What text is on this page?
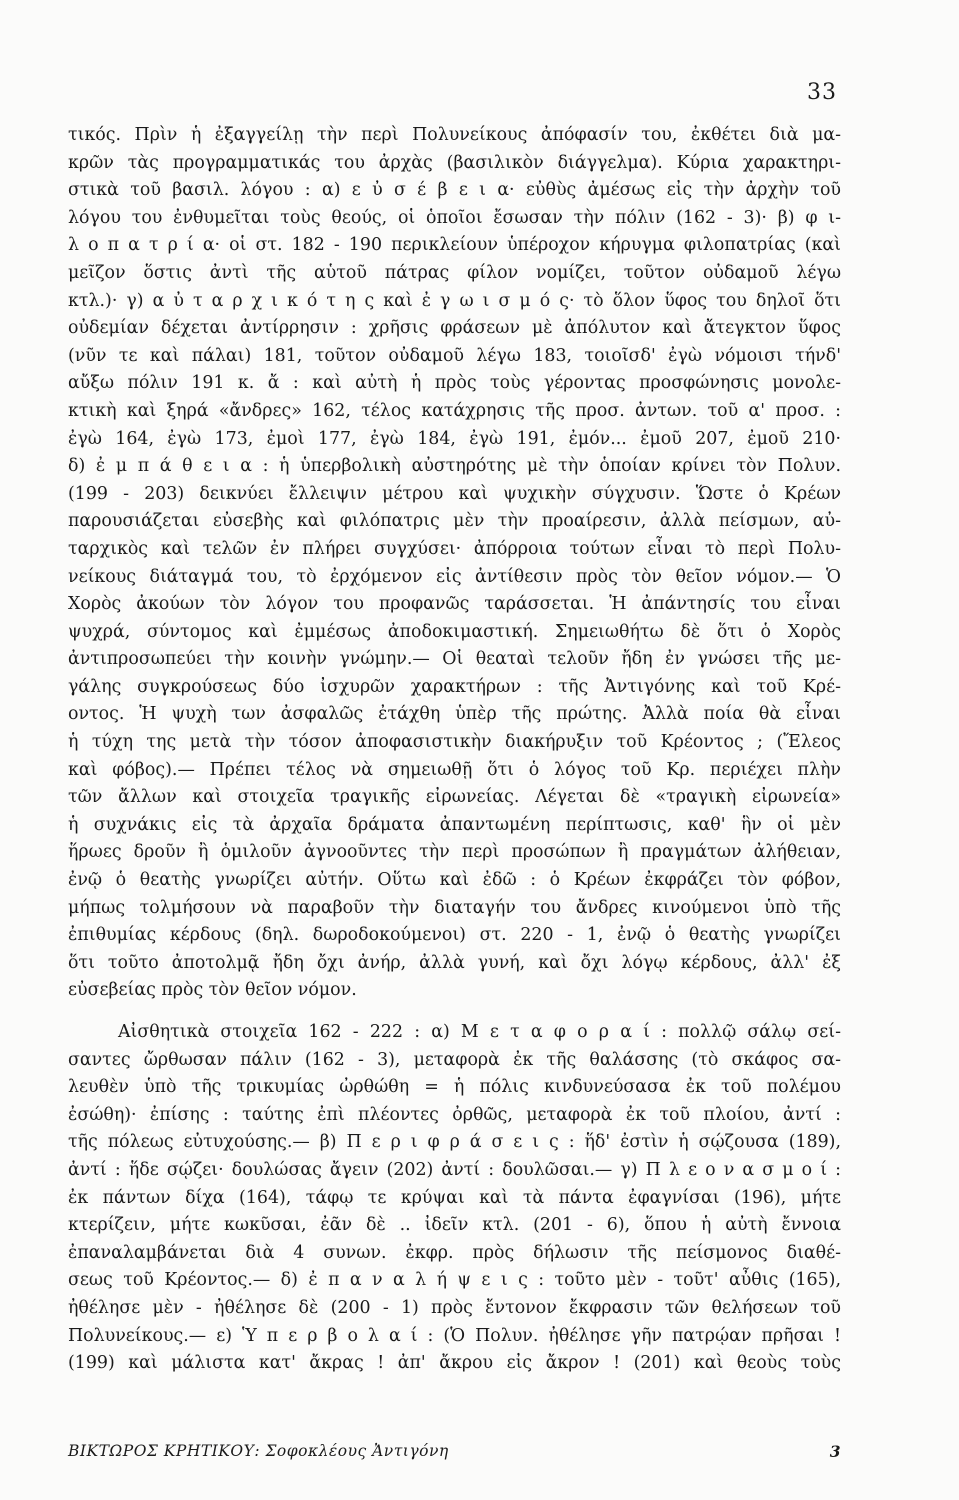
33
τικός. Πρὶν ἡ ἐξαγγείλῃ τὴν περὶ Πολυνείκους ἀπόφασίν του, ἐκθέτει διὰ μα-
κρῶν τὰς προγραμματικάς του ἀρχὰς (βασιλικὸν διάγγελμα). Κύρια χαρακτηρι-
στικὰ τοῦ βασιλ. λόγου : α) ε ὐ σ έ β ε ι α· εὐθὺς ἀμέσως εἰς τὴν ἀρχὴν τοῦ
λόγου του ἐνθυμεῖται τοὺς θεούς, οἱ ὁποῖοι ἔσωσαν τὴν πόλιν (162 - 3)· β) φ ι-
λ ο π α τ ρ ί α· οἱ στ. 182 - 190 περικλείουν ὑπέροχον κήρυγμα φιλοπατρίας (καὶ
μεῖζον ὅστις ἀντὶ τῆς αὑτοῦ πάτρας φίλον νομίζει, τοῦτον οὐδαμοῦ λέγω
κτλ.)· γ) α ὐ τ α ρ χ ι κ ό τ η ς καὶ ἐ γ ω ι σ μ ό ς· τὸ ὅλον ὕφος του δηλοῖ ὅτι
οὐδεμίαν δέχεται ἀντίρρησιν : χρῆσις φράσεων μὲ ἀπόλυτον καὶ ἄτεγκτον ὕφος
(νῦν τε καὶ πάλαι) 181, τοῦτον οὐδαμοῦ λέγω 183, τοιοῖσδ' ἐγὼ νόμοισι τήνδ'
αὔξω πόλιν 191 κ. ἄ : καὶ αὐτὴ ἡ πρὸς τοὺς γέροντας προσφώνησις μονολε-
κτικὴ καὶ ξηρά «ἄνδρες» 162, τέλος κατάχρησις τῆς προσ. ἀντων. τοῦ α' προσ. :
ἐγὼ 164, ἐγὼ 173, ἐμοὶ 177, ἐγὼ 184, ἐγὼ 191, ἐμόν... ἐμοῦ 207, ἐμοῦ 210·
δ) ἐ μ π ά θ ε ι α : ἡ ὑπερβολικὴ αὐστηρότης μὲ τὴν ὁποίαν κρίνει τὸν Πολυν.
(199 - 203) δεικνύει ἔλλειψιν μέτρου καὶ ψυχικὴν σύγχυσιν. Ὥστε ὁ Κρέων
παρουσιάζεται εὐσεβὴς καὶ φιλόπατρις μὲν τὴν προαίρεσιν, ἀλλὰ πείσμων, αὐ-
ταρχικὸς καὶ τελῶν ἐν πλήρει συγχύσει· ἀπόρροια τούτων εἶναι τὸ περὶ Πολυ-
νείκους διάταγμά του, τὸ ἐρχόμενον εἰς ἀντίθεσιν πρὸς τὸν θεῖον νόμον.— Ὁ
Χορὸς ἀκούων τὸν λόγον του προφανῶς ταράσσεται. Ἡ ἀπάντησίς του εἶναι
ψυχρά, σύντομος καὶ ἐμμέσως ἀποδοκιμαστική. Σημειωθήτω δὲ ὅτι ὁ Χορὸς
ἀντιπροσωπεύει τὴν κοινὴν γνώμην.— Οἱ θεαταὶ τελοῦν ἤδη ἐν γνώσει τῆς με-
γάλης συγκρούσεως δύο ἰσχυρῶν χαρακτήρων : τῆς Ἀντιγόνης καὶ τοῦ Κρέ-
οντος. Ἡ ψυχὴ των ἀσφαλῶς ἐτάχθη ὑπὲρ τῆς πρώτης. Ἀλλὰ ποία θὰ εἶναι
ἡ τύχη της μετὰ τὴν τόσον ἀποφασιστικὴν διακήρυξιν τοῦ Κρέοντος ; (Ἔλεος
καὶ φόβος).— Πρέπει τέλος νὰ σημειωθῇ ὅτι ὁ λόγος τοῦ Κρ. περιέχει πλὴν
τῶν ἄλλων καὶ στοιχεῖα τραγικῆς εἰρωνείας. Λέγεται δὲ «τραγικὴ εἰρωνεία»
ἡ συχνάκις εἰς τὰ ἀρχαῖα δράματα ἀπαντωμένη περίπτωσις, καθ' ἣν οἱ μὲν
ἥρωες δροῦν ἢ ὁμιλοῦν ἀγνοοῦντες τὴν περὶ προσώπων ἢ πραγμάτων ἀλήθειαν,
ἐνῷ ὁ θεατὴς γνωρίζει αὐτήν. Οὕτω καὶ ἐδῶ : ὁ Κρέων ἐκφράζει τὸν φόβον,
μήπως τολμήσουν νὰ παραβοῦν τὴν διαταγήν του ἄνδρες κινούμενοι ὑπὸ τῆς
ἐπιθυμίας κέρδους (δηλ. δωροδοκούμενοι) στ. 220 - 1, ἐνῷ ὁ θεατὴς γνωρίζει
ὅτι τοῦτο ἀποτολμᾷ ἤδη ὄχι ἀνήρ, ἀλλὰ γυνή, καὶ ὄχι λόγῳ κέρδους, ἀλλ' ἐξ
εὐσεβείας πρὸς τὸν θεῖον νόμον.
Αἰσθητικὰ στοιχεῖα 162 - 222 : α) Μ ε τ α φ ο ρ α ί : πολλῷ σάλῳ σεί-
σαντες ὤρθωσαν πάλιν (162 - 3), μεταφορὰ ἐκ τῆς θαλάσσης (τὸ σκάφος σα-
λευθὲν ὑπὸ τῆς τρικυμίας ὠρθώθη = ἡ πόλις κινδυνεύσασα ἐκ τοῦ πολέμου
ἐσώθη)· ἐπίσης : ταύτης ἐπὶ πλέοντες ὀρθῶς, μεταφορὰ ἐκ τοῦ πλοίου, ἀντί :
τῆς πόλεως εὐτυχούσης.— β) Π ε ρ ι φ ρ ά σ ε ι ς : ἥδ' ἐστὶν ἡ σῴζουσα (189),
ἀντί : ἥδε σῴζει· δουλώσας ἄγειν (202) ἀντί : δουλῶσαι.— γ) Π λ ε ο ν α σ μ ο ί :
ἐκ πάντων δίχα (164), τάφῳ τε κρύψαι καὶ τὰ πάντα ἐφαγνίσαι (196), μήτε
κτερίζειν, μήτε κωκῦσαι, ἐᾶν δὲ .. ἰδεῖν κτλ. (201 - 6), ὅπου ἡ αὐτὴ ἔννοια
ἐπαναλαμβάνεται διὰ 4 συνων. ἐκφρ. πρὸς δήλωσιν τῆς πείσμονος διαθέ-
σεως τοῦ Κρέοντος.— δ) ἐ π α ν α λ ή ψ ε ι ς : τοῦτο μὲν - τοῦτ' αὖθις (165),
ἠθέλησε μὲν - ἠθέλησε δὲ (200 - 1) πρὸς ἔντονον ἔκφρασιν τῶν θελήσεων τοῦ
Πολυνείκους.— ε) Ὑ π ε ρ β ο λ α ί : (Ὁ Πολυν. ἠθέλησε γῆν πατρῴαν πρῆσαι !
(199) καὶ μάλιστα κατ' ἄκρας ! ἀπ' ἄκρου εἰς ἄκρον ! (201) καὶ θεοὺς τοὺς
ΒΙΚΤΩΡΟΣ ΚΡΗΤΙΚΟΥ: Σοφοκλέους Ἀντιγόνη	3
